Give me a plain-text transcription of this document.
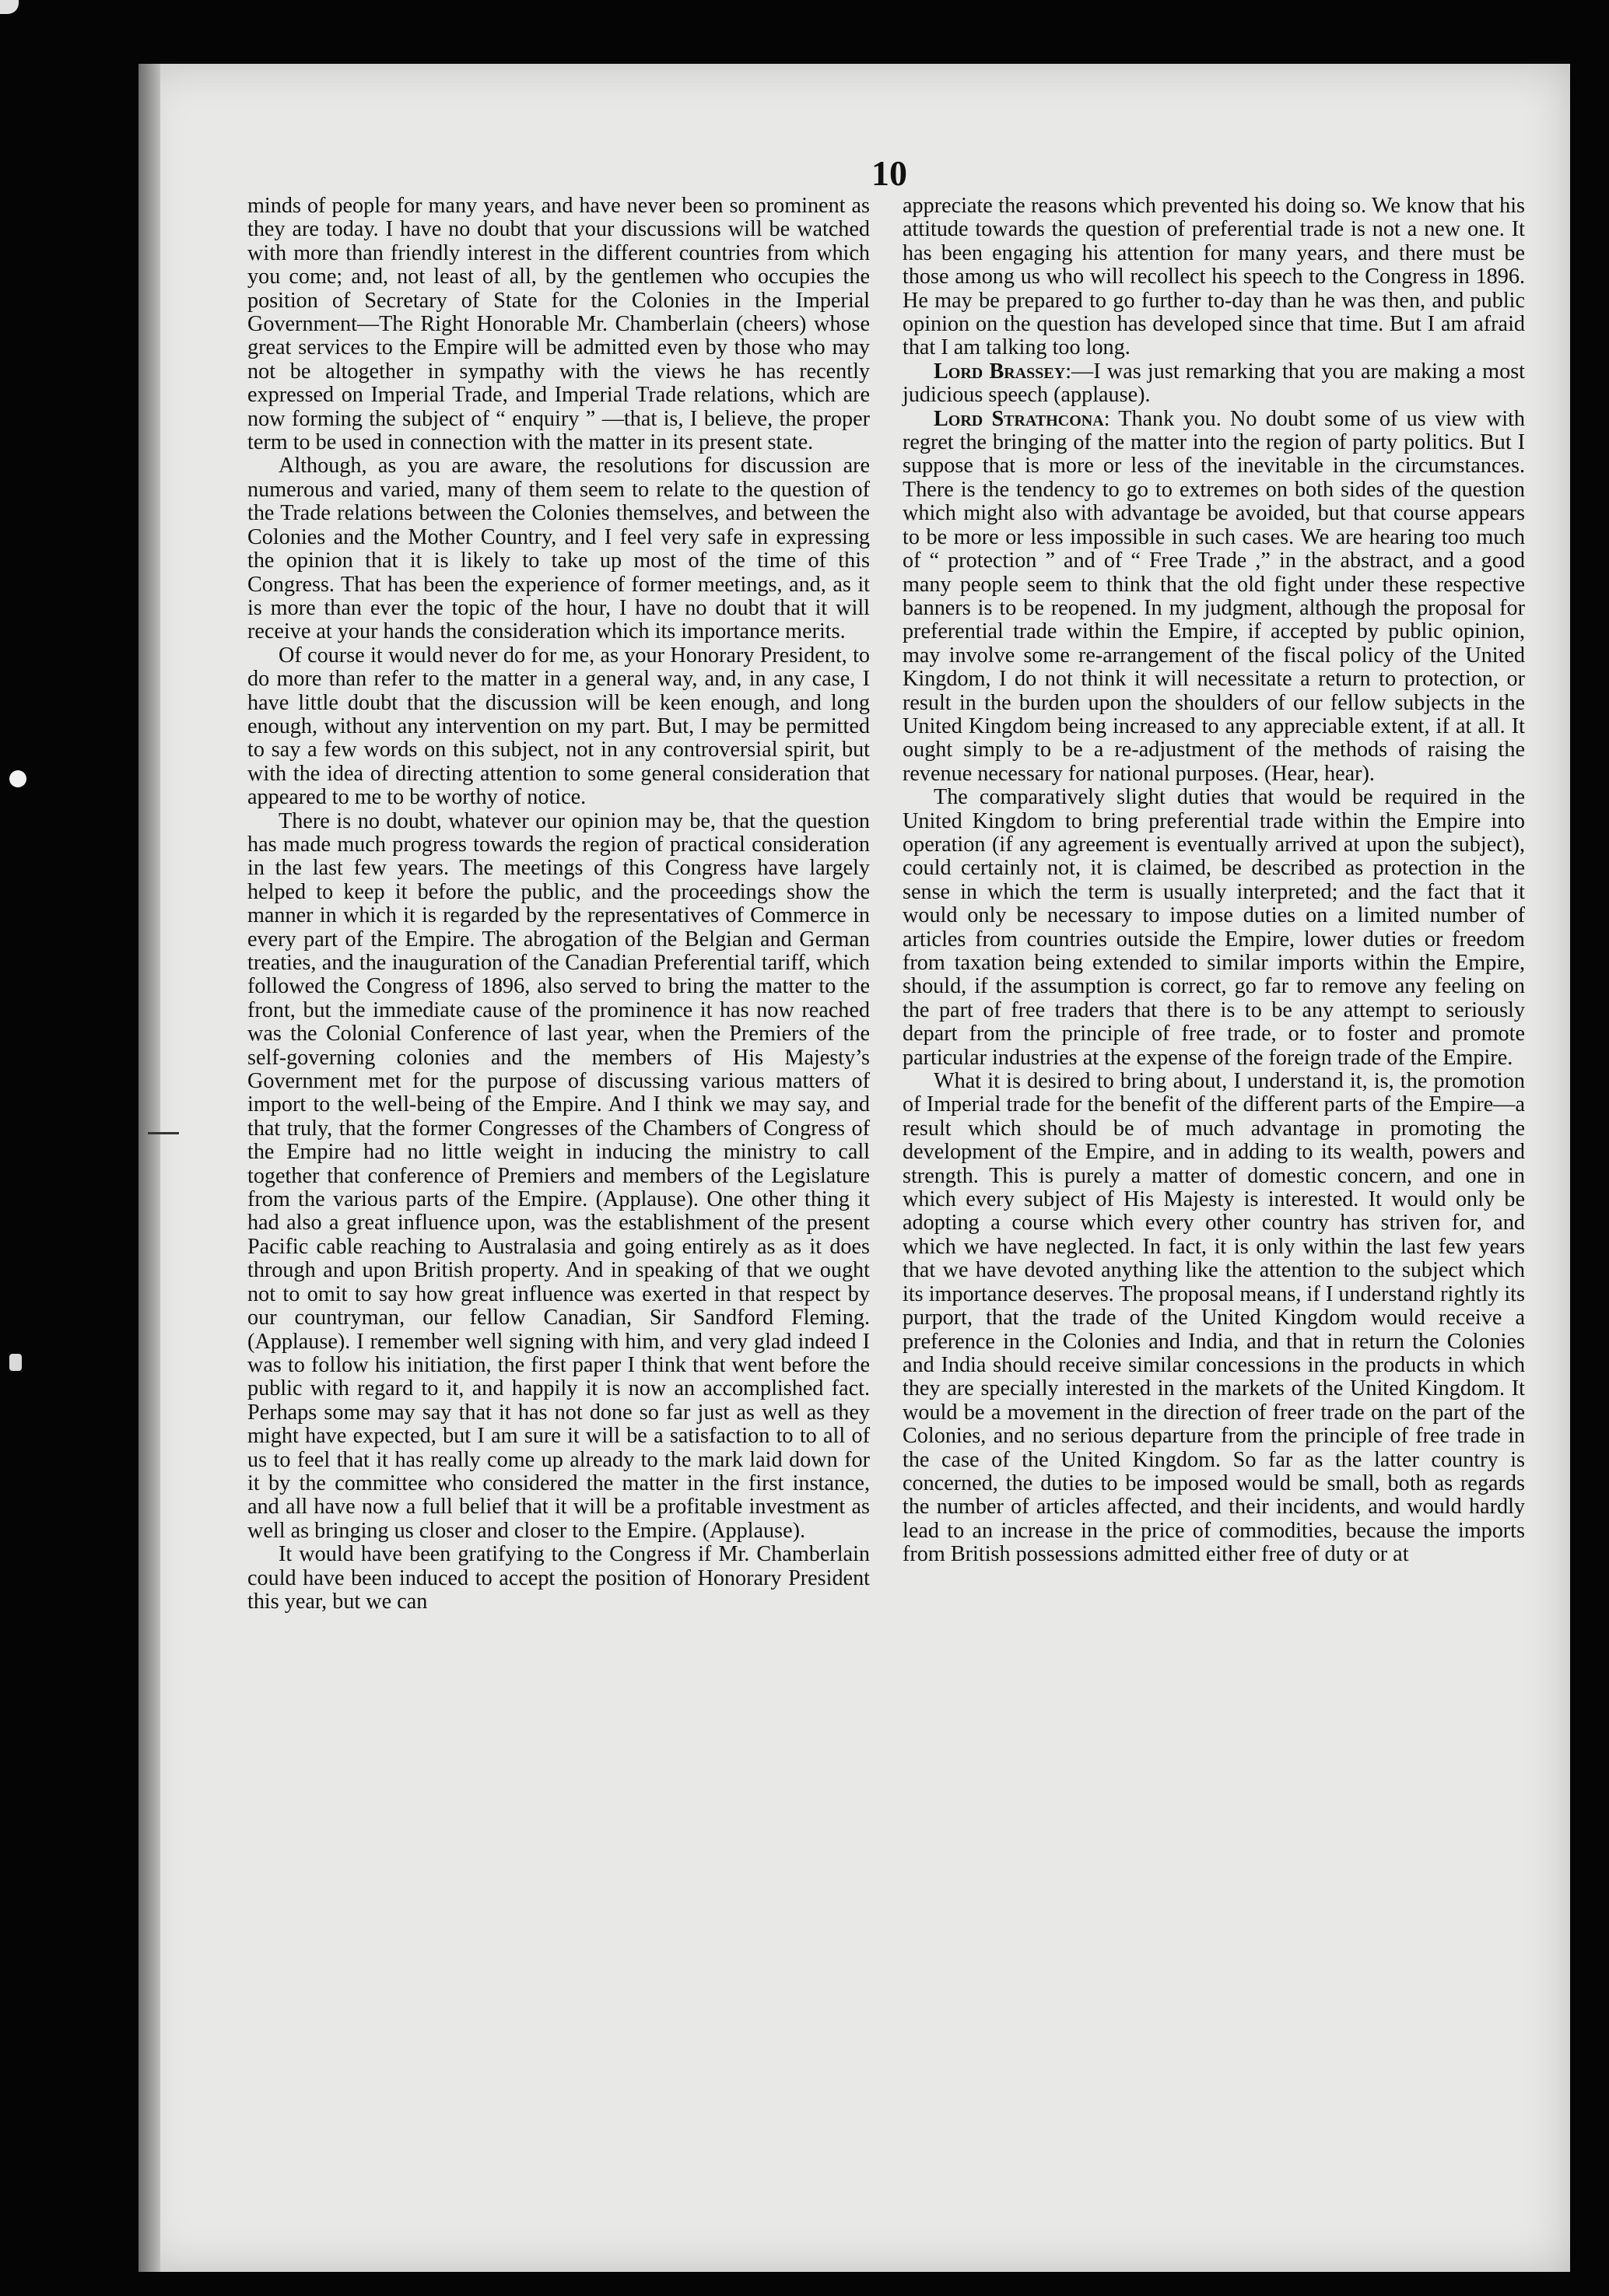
10

minds of people for many years, and have never been so prominent as they are today. I have no doubt that your discussions will be watched with more than friendly interest in the different countries from which you come; and, not least of all, by the gentlemen who occupies the position of Secretary of State for the Colonies in the Imperial Government—The Right Honorable Mr. Chamberlain (cheers) whose great services to the Empire will be admitted even by those who may not be altogether in sympathy with the views he has recently expressed on Imperial Trade, and Imperial Trade relations, which are now forming the subject of “ enquiry ” —that is, I believe, the proper term to be used in connection with the matter in its present state.

Although, as you are aware, the resolutions for discussion are numerous and varied, many of them seem to relate to the question of the Trade relations between the Colonies themselves, and between the Colonies and the Mother Country, and I feel very safe in expressing the opinion that it is likely to take up most of the time of this Congress. That has been the experience of former meetings, and, as it is more than ever the topic of the hour, I have no doubt that it will receive at your hands the consideration which its importance merits.

Of course it would never do for me, as your Honorary President, to do more than refer to the matter in a general way, and, in any case, I have little doubt that the discussion will be keen enough, and long enough, without any intervention on my part. But, I may be permitted to say a few words on this subject, not in any controversial spirit, but with the idea of directing attention to some general consideration that appeared to me to be worthy of notice.

There is no doubt, whatever our opinion may be, that the question has made much progress towards the region of practical consideration in the last few years. The meetings of this Congress have largely helped to keep it before the public, and the proceedings show the manner in which it is regarded by the representatives of Commerce in every part of the Empire. The abrogation of the Belgian and German treaties, and the inauguration of the Canadian Preferential tariff, which followed the Congress of 1896, also served to bring the matter to the front, but the immediate cause of the prominence it has now reached was the Colonial Conference of last year, when the Premiers of the self-governing colonies and the members of His Majesty’s Government met for the purpose of discussing various matters of import to the well-being of the Empire. And I think we may say, and that truly, that the former Congresses of the Chambers of Congress of the Empire had no little weight in inducing the ministry to call together that conference of Premiers and members of the Legislature from the various parts of the Empire. (Applause). One other thing it had also a great influence upon, was the establishment of the present Pacific cable reaching to Australasia and going entirely as as it does through and upon British property. And in speaking of that we ought not to omit to say how great influence was exerted in that respect by our countryman, our fellow Canadian, Sir Sandford Fleming. (Applause). I remember well signing with him, and very glad indeed I was to follow his initiation, the first paper I think that went before the public with regard to it, and happily it is now an accomplished fact. Perhaps some may say that it has not done so far just as well as they might have expected, but I am sure it will be a satisfaction to to all of us to feel that it has really come up already to the mark laid down for it by the committee who considered the matter in the first instance, and all have now a full belief that it will be a profitable investment as well as bringing us closer and closer to the Empire. (Applause).

It would have been gratifying to the Congress if Mr. Chamberlain could have been induced to accept the position of Honorary President this year, but we can

appreciate the reasons which prevented his doing so. We know that his attitude towards the question of preferential trade is not a new one. It has been engaging his attention for many years, and there must be those among us who will recollect his speech to the Congress in 1896. He may be prepared to go further to-day than he was then, and public opinion on the question has developed since that time. But I am afraid that I am talking too long.

Lord Brassey:—I was just remarking that you are making a most judicious speech (applause).

Lord Strathcona: Thank you. No doubt some of us view with regret the bringing of the matter into the region of party politics. But I suppose that is more or less of the inevitable in the circumstances. There is the tendency to go to extremes on both sides of the question which might also with advantage be avoided, but that course appears to be more or less impossible in such cases. We are hearing too much of “ protection ” and of “ Free Trade ,” in the abstract, and a good many people seem to think that the old fight under these respective banners is to be reopened. In my judgment, although the proposal for preferential trade within the Empire, if accepted by public opinion, may involve some re-arrangement of the fiscal policy of the United Kingdom, I do not think it will necessitate a return to protection, or result in the burden upon the shoulders of our fellow subjects in the United Kingdom being increased to any appreciable extent, if at all. It ought simply to be a re-adjustment of the methods of raising the revenue necessary for national purposes. (Hear, hear).

The comparatively slight duties that would be required in the United Kingdom to bring preferential trade within the Empire into operation (if any agreement is eventually arrived at upon the subject), could certainly not, it is claimed, be described as protection in the sense in which the term is usually interpreted; and the fact that it would only be necessary to impose duties on a limited number of articles from countries outside the Empire, lower duties or freedom from taxation being extended to similar imports within the Empire, should, if the assumption is correct, go far to remove any feeling on the part of free traders that there is to be any attempt to seriously depart from the principle of free trade, or to foster and promote particular industries at the expense of the foreign trade of the Empire.

What it is desired to bring about, I understand it, is, the promotion of Imperial trade for the benefit of the different parts of the Empire—a result which should be of much advantage in promoting the development of the Empire, and in adding to its wealth, powers and strength. This is purely a matter of domestic concern, and one in which every subject of His Majesty is interested. It would only be adopting a course which every other country has striven for, and which we have neglected. In fact, it is only within the last few years that we have devoted anything like the attention to the subject which its importance deserves. The proposal means, if I understand rightly its purport, that the trade of the United Kingdom would receive a preference in the Colonies and India, and that in return the Colonies and India should receive similar concessions in the products in which they are specially interested in the markets of the United Kingdom. It would be a movement in the direction of freer trade on the part of the Colonies, and no serious departure from the principle of free trade in the case of the United Kingdom. So far as the latter country is concerned, the duties to be imposed would be small, both as regards the number of articles affected, and their incidents, and would hardly lead to an increase in the price of commodities, because the imports from British possessions admitted either free of duty or at
